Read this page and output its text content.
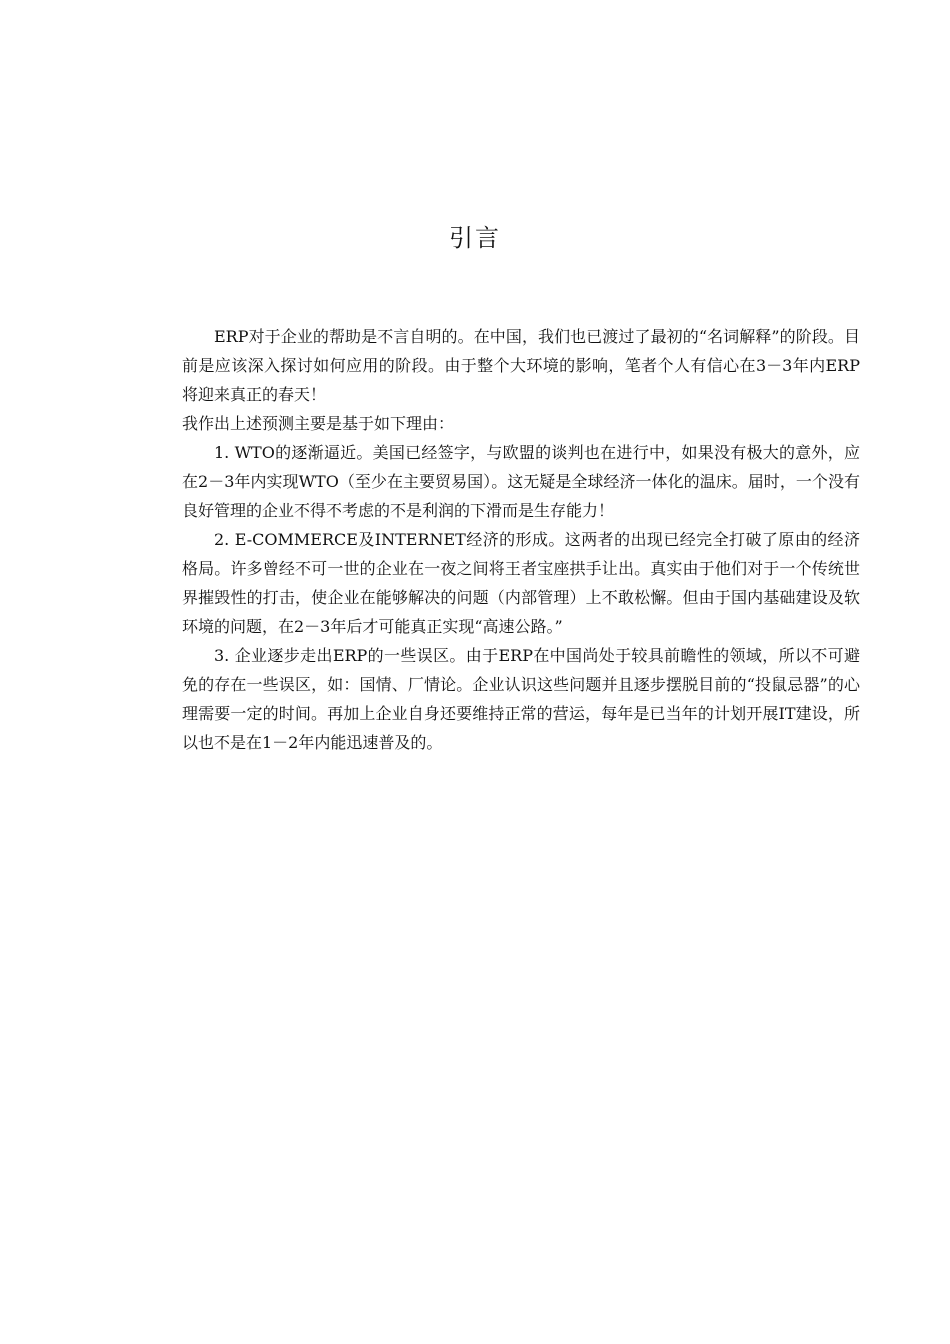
引言

ERP对于企业的帮助是不言自明的。在中国，我们也已渡过了最初的“名词解释”的阶段。目前是应该深入探讨如何应用的阶段。由于整个大环境的影响，笔者个人有信心在3－3年内ERP将迎来真正的春天！

我作出上述预测主要是基于如下理由：

1. WTO的逐渐逼近。美国已经签字，与欧盟的谈判也在进行中，如果没有极大的意外，应在2－3年内实现WTO（至少在主要贸易国）。这无疑是全球经济一体化的温床。届时，一个没有良好管理的企业不得不考虑的不是利润的下滑而是生存能力！

2. E-COMMERCE及INTERNET经济的形成。这两者的出现已经完全打破了原由的经济格局。许多曾经不可一世的企业在一夜之间将王者宝座拱手让出。真实由于他们对于一个传统世界摧毁性的打击，使企业在能够解决的问题（内部管理）上不敢松懈。但由于国内基础建设及软环境的问题，在2－3年后才可能真正实现“高速公路。”

3. 企业逐步走出ERP的一些误区。由于ERP在中国尚处于较具前瞻性的领域，所以不可避免的存在一些误区，如：国情、厂情论。企业认识这些问题并且逐步摆脱目前的“投鼠忌器”的心理需要一定的时间。再加上企业自身还要维持正常的营运，每年是已当年的计划开展IT建设，所以也不是在1－2年内能迅速普及的。
